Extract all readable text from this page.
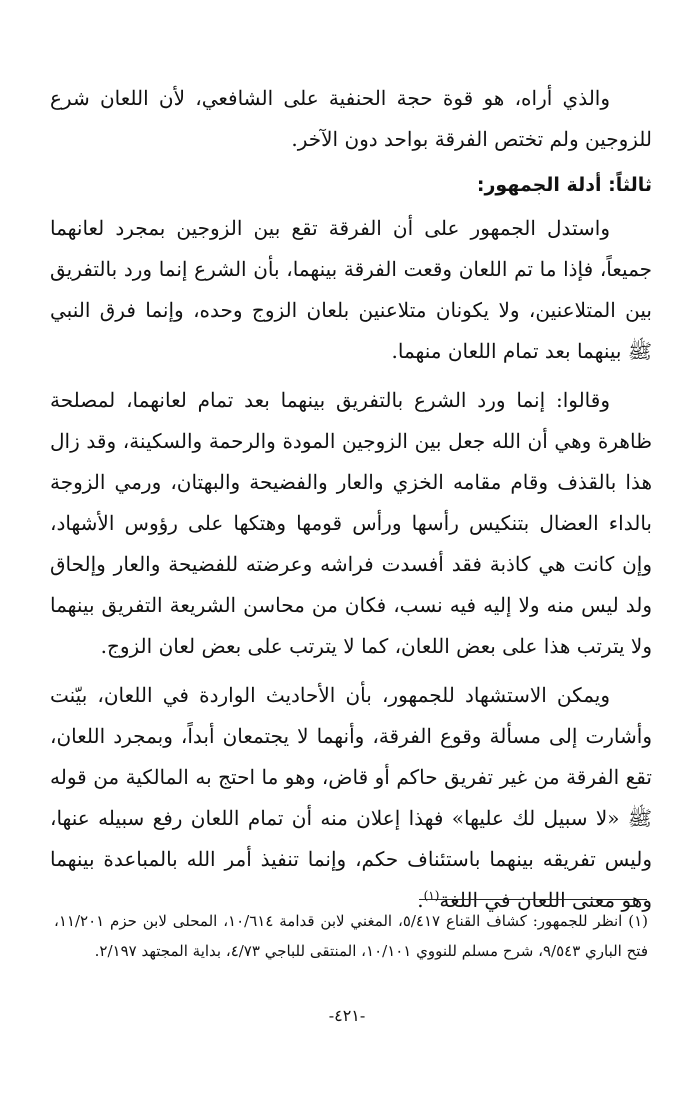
والذي أراه، هو قوة حجة الحنفية على الشافعي، لأن اللعان شرع للزوجين ولم تختص الفرقة بواحد دون الآخر.

ثالثاً: أدلة الجمهور:

واستدل الجمهور على أن الفرقة تقع بين الزوجين بمجرد لعانهما جميعاً، فإذا ما تم اللعان وقعت الفرقة بينهما، بأن الشرع إنما ورد بالتفريق بين المتلاعنين، ولا يكونان متلاعنين بلعان الزوج وحده، وإنما فرق النبي ﷺ بينهما بعد تمام اللعان منهما.

وقالوا: إنما ورد الشرع بالتفريق بينهما بعد تمام لعانهما، لمصلحة ظاهرة وهي أن الله جعل بين الزوجين المودة والرحمة والسكينة، وقد زال هذا بالقذف وقام مقامه الخزي والعار والفضيحة والبهتان، ورمي الزوجة بالداء العضال بتنكيس رأسها ورأس قومها وهتكها على رؤوس الأشهاد، وإن كانت هي كاذبة فقد أفسدت فراشه وعرضته للفضيحة والعار وإلحاق ولد ليس منه ولا إليه فيه نسب، فكان من محاسن الشريعة التفريق بينهما ولا يترتب هذا على بعض اللعان، كما لا يترتب على بعض لعان الزوج.

ويمكن الاستشهاد للجمهور، بأن الأحاديث الواردة في اللعان، بيّنت وأشارت إلى مسألة وقوع الفرقة، وأنهما لا يجتمعان أبداً، وبمجرد اللعان، تقع الفرقة من غير تفريق حاكم أو قاض، وهو ما احتج به المالكية من قوله ﷺ «لا سبيل لك عليها» فهذا إعلان منه أن تمام اللعان رفع سبيله عنها، وليس تفريقه بينهما باستئناف حكم، وإنما تنفيذ أمر الله بالمباعدة بينهما وهو معنى اللعان في اللغة$^{(١)}$.

(١) انظر للجمهور: كشاف القناع ٥/٤١٧، المغني لابن قدامة ١٠/٦١٤، المحلى لابن حزم ١١/٢٠١، فتح الباري ٩/٥٤٣، شرح مسلم للنووي ١٠/١٠١، المنتقى للباجي ٤/٧٣، بداية المجتهد ٢/١٩٧.

-٤٢١-
